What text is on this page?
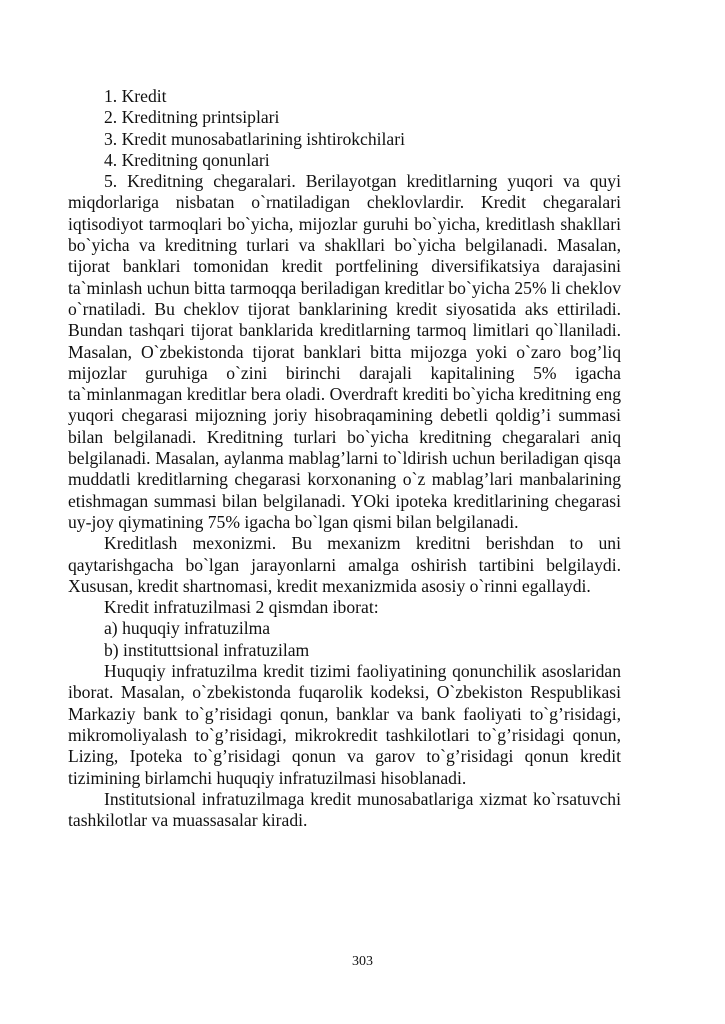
1. Kredit

2. Kreditning printsiplari

3. Kredit munosabatlarining ishtirokchilari

4. Kreditning qonunlari

5. Kreditning chegaralari. Berilayotgan kreditlarning yuqori va quyi miqdorlariga nisbatan o`rnatiladigan cheklovlardir. Kredit chegaralari iqtisodiyot tarmoqlari bo`yicha, mijozlar guruhi bo`yicha, kreditlash shakllari bo`yicha va kreditning turlari va shakllari bo`yicha belgilanadi. Masalan, tijorat banklari tomonidan kredit portfelining diversifikatsiya darajasini ta`minlash uchun bitta tarmoqqa beriladigan kreditlar bo`yicha 25% li cheklov o`rnatiladi. Bu cheklov tijorat banklarining kredit siyosatida aks ettiriladi. Bundan tashqari tijorat banklarida kreditlarning tarmoq limitlari qo`llaniladi. Masalan, O`zbekistonda tijorat banklari bitta mijozga yoki o`zaro bog’liq mijozlar guruhiga o`zini birinchi darajali kapitalining 5% igacha ta`minlanmagan kreditlar bera oladi. Overdraft krediti bo`yicha kreditning eng yuqori chegarasi mijozning joriy hisobraqamining debetli qoldig’i summasi bilan belgilanadi. Kreditning turlari bo`yicha kreditning chegaralari aniq belgilanadi. Masalan, aylanma mablag’larni to`ldirish uchun beriladigan qisqa muddatli kreditlarning chegarasi korxonaning o`z mablag’lari manbalarining etishmagan summasi bilan belgilanadi. YOki ipoteka kreditlarining chegarasi uy-joy qiymatining 75% igacha bo`lgan qismi bilan belgilanadi.

Kreditlash mexonizmi. Bu mexanizm kreditni berishdan to uni qaytarishgacha bo`lgan jarayonlarni amalga oshirish tartibini belgilaydi. Xususan, kredit shartnomasi, kredit mexanizmida asosiy o`rinni egallaydi.

Kredit infratuzilmasi 2 qismdan iborat:

a) huquqiy infratuzilma

b) instituttsional infratuzilam

Huquqiy infratuzilma kredit tizimi faoliyatining qonunchilik asoslaridan iborat. Masalan, o`zbekistonda fuqarolik kodeksi, O`zbekiston Respublikasi Markaziy bank to`g’risidagi qonun, banklar va bank faoliyati to`g’risidagi, mikromoliyalash to`g’risidagi, mikrokredit tashkilotlari to`g’risidagi qonun, Lizing, Ipoteka to`g’risidagi qonun va garov to`g’risidagi qonun kredit tizimining birlamchi huquqiy infratuzilmasi hisoblanadi.

Institutsional infratuzilmaga kredit munosabatlariga xizmat ko`rsatuvchi tashkilotlar va muassasalar kiradi.

303
